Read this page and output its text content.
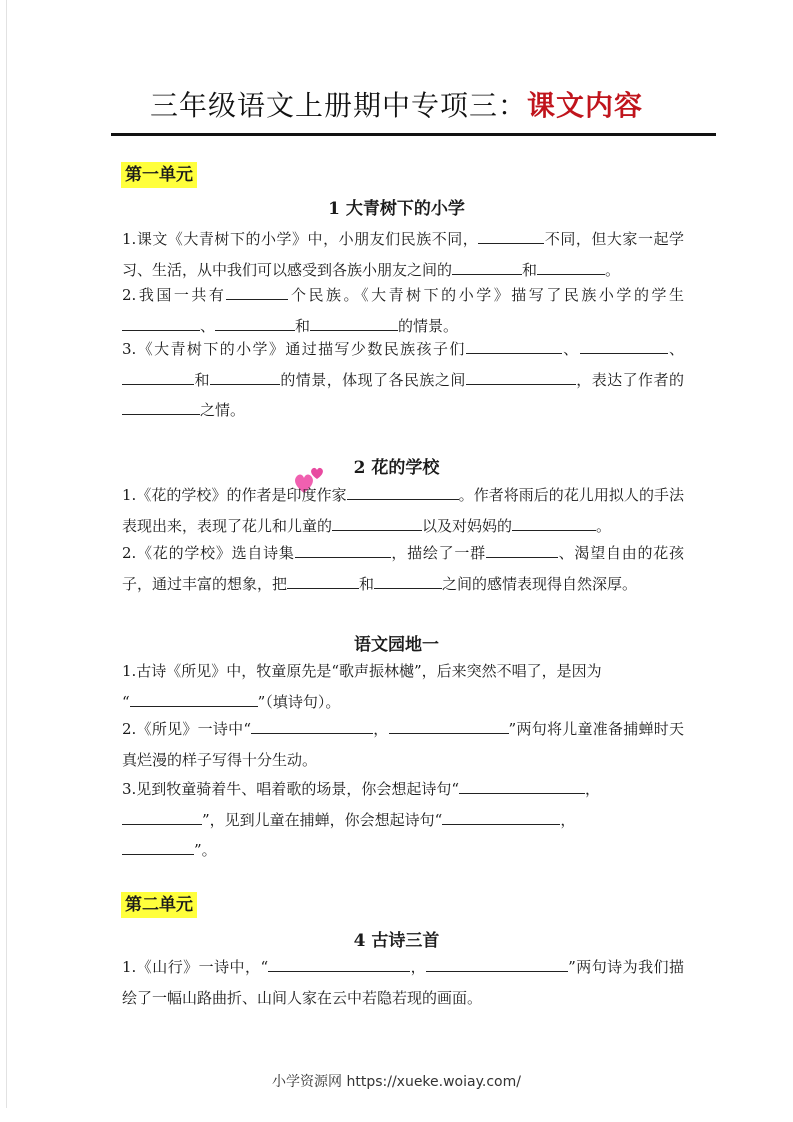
三年级语文上册期中专项三：课文内容
第一单元
1 大青树下的小学
1.课文《大青树下的小学》中，小朋友们民族不同，	不同，但大家一起学习、生活，从中我们可以感受到各族小朋友之间的	和	。
2.我国一共有	个民族。《大青树下的小学》描写了民族小学的学生、	和	的情景。
3.《大青树下的小学》通过描写少数民族孩子们	、	、和	的情景，体现了各民族之间	，表达了作者的之情。
2 花的学校
1.《花的学校》的作者是印度作家	。作者将雨后的花儿用拟人的手法表现出来，表现了花儿和儿童的	以及对妈妈的	。
2.《花的学校》选自诗集	，描绘了一群	、渴望自由的花孩子，通过丰富的想象，把	和	之间的感情表现得自然深厚。
语文园地一
1.古诗《所见》中，牧童原先是“歌声振林樾”，后来突然不唱了，是因为
“	”（填诗句）。
2.《所见》一诗中“	，	”两句将儿童准备捕蝉时天真烂漫的样子写得十分生动。
3.见到牧童骑着牛、唱着歌的场景，你会想起诗句“	，
”，见到儿童在捕蝉，你会想起诗句“	，
”。
第二单元
4 古诗三首
1.《山行》一诗中，“	，	”两句诗为我们描绘了一幅山路曲折、山间人家在云中若隐若现的画面。
小学资源网 https://xueke.woiay.com/
